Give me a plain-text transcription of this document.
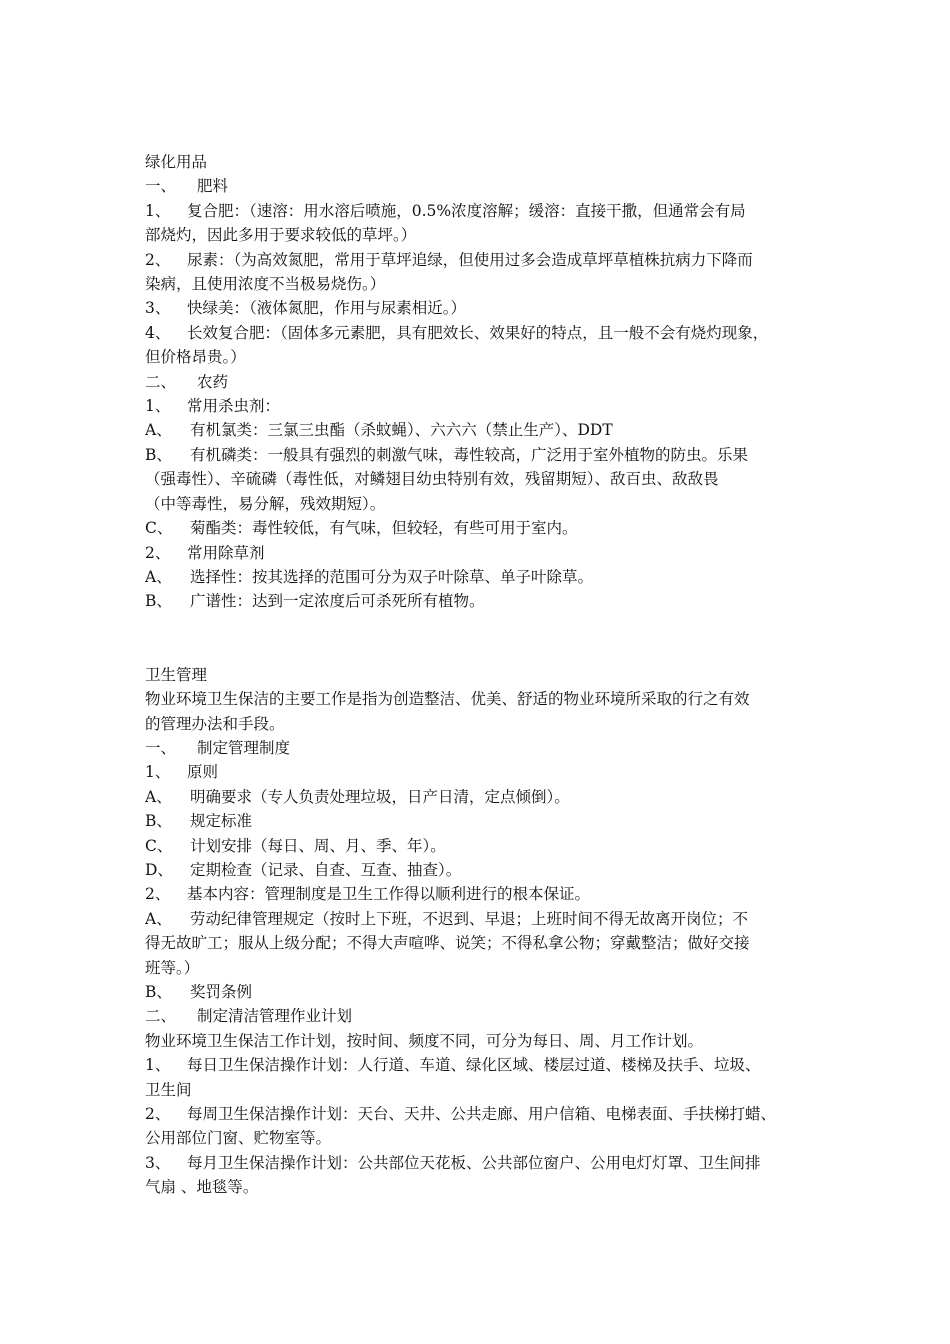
绿化用品
一、 肥料
1、 复合肥：（速溶：用水溶后喷施，0.5%浓度溶解；缓溶：直接干撒，但通常会有局
部烧灼，因此多用于要求较低的草坪。）
2、 尿素：（为高效氮肥，常用于草坪追绿，但使用过多会造成草坪草植株抗病力下降而
染病，且使用浓度不当极易烧伤。）
3、 快绿美：（液体氮肥，作用与尿素相近。）
4、 长效复合肥：（固体多元素肥，具有肥效长、效果好的特点，且一般不会有烧灼现象，
但价格昂贵。）
二、 农药
1、 常用杀虫剂：
A、 有机氯类：三氯三虫酯（杀蚊蝇）、六六六（禁止生产）、DDT
B、 有机磷类：一般具有强烈的刺激气味，毒性较高，广泛用于室外植物的防虫。乐果
（强毒性）、辛硫磷（毒性低，对鳞翅目幼虫特别有效，残留期短）、敌百虫、敌敌畏
（中等毒性，易分解，残效期短）。
C、 菊酯类：毒性较低，有气味，但较轻，有些可用于室内。
2、 常用除草剂
A、 选择性：按其选择的范围可分为双子叶除草、单子叶除草。
B、 广谱性：达到一定浓度后可杀死所有植物。
卫生管理
物业环境卫生保洁的主要工作是指为创造整洁、优美、舒适的物业环境所采取的行之有效
的管理办法和手段。
一、 制定管理制度
1、 原则
A、 明确要求（专人负责处理垃圾，日产日清，定点倾倒）。
B、 规定标准
C、 计划安排（每日、周、月、季、年）。
D、 定期检查（记录、自查、互查、抽查）。
2、 基本内容：管理制度是卫生工作得以顺利进行的根本保证。
A、 劳动纪律管理规定（按时上下班，不迟到、早退；上班时间不得无故离开岗位；不
得无故旷工；服从上级分配；不得大声喧哗、说笑；不得私拿公物；穿戴整洁；做好交接
班等。）
B、 奖罚条例
二、 制定清洁管理作业计划
物业环境卫生保洁工作计划，按时间、频度不同，可分为每日、周、月工作计划。
1、 每日卫生保洁操作计划：人行道、车道、绿化区域、楼层过道、楼梯及扶手、垃圾、
卫生间
2、 每周卫生保洁操作计划：天台、天井、公共走廊、用户信箱、电梯表面、手扶梯打蜡、
公用部位门窗、贮物室等。
3、 每月卫生保洁操作计划：公共部位天花板、公共部位窗户、公用电灯灯罩、卫生间排
气扇 、地毯等。
